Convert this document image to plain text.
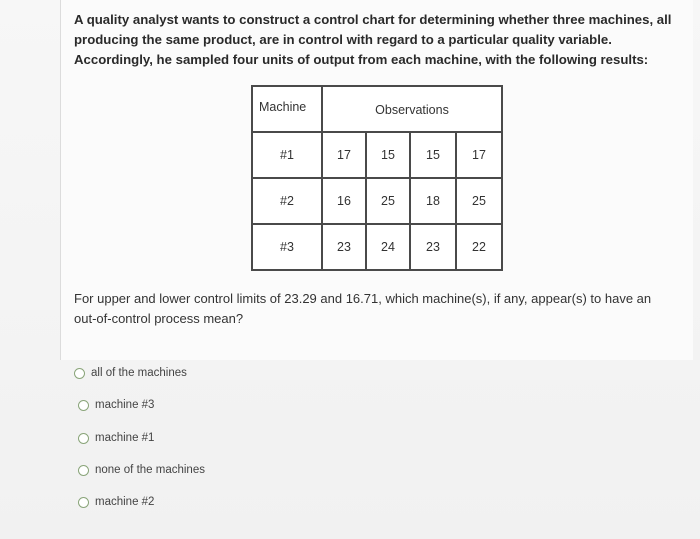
A quality analyst wants to construct a control chart for determining whether three machines, all producing the same product, are in control with regard to a particular quality variable. Accordingly, he sampled four units of output from each machine, with the following results:

Machine	Observations			
#1	17	15	15	17
#2	16	25	18	25
#3	23	24	23	22

For upper and lower control limits of 23.29 and 16.71, which machine(s), if any, appear(s) to have an out-of-control process mean?

all of the machines
machine #3
machine #1
none of the machines
machine #2
